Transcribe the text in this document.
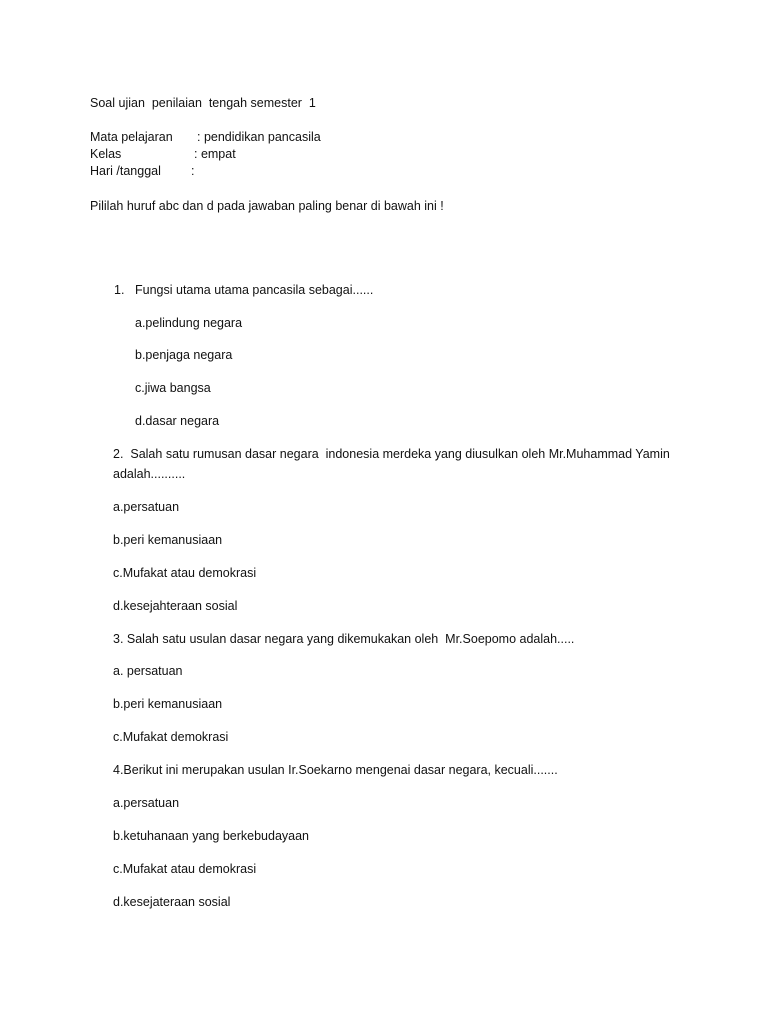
Soal ujian  penilaian  tengah semester  1
Mata pelajaran : pendidikan pancasila
Kelas	: empat
Hari /tanggal :
Pililah huruf abc dan d pada jawaban paling benar di bawah ini !
1. Fungsi utama utama pancasila sebagai......
a.pelindung negara
b.penjaga negara
c.jiwa bangsa
d.dasar negara
2.  Salah satu rumusan dasar negara  indonesia merdeka yang diusulkan oleh Mr.Muhammad Yamin
adalah..........
a.persatuan
b.peri kemanusiaan
c.Mufakat atau demokrasi
d.kesejahteraan sosial
3. Salah satu usulan dasar negara yang dikemukakan oleh  Mr.Soepomo adalah.....
a. persatuan
b.peri kemanusiaan
c.Mufakat demokrasi
4.Berikut ini merupakan usulan Ir.Soekarno mengenai dasar negara, kecuali.......
a.persatuan
b.ketuhanaan yang berkebudayaan
c.Mufakat atau demokrasi
d.kesejateraan sosial
